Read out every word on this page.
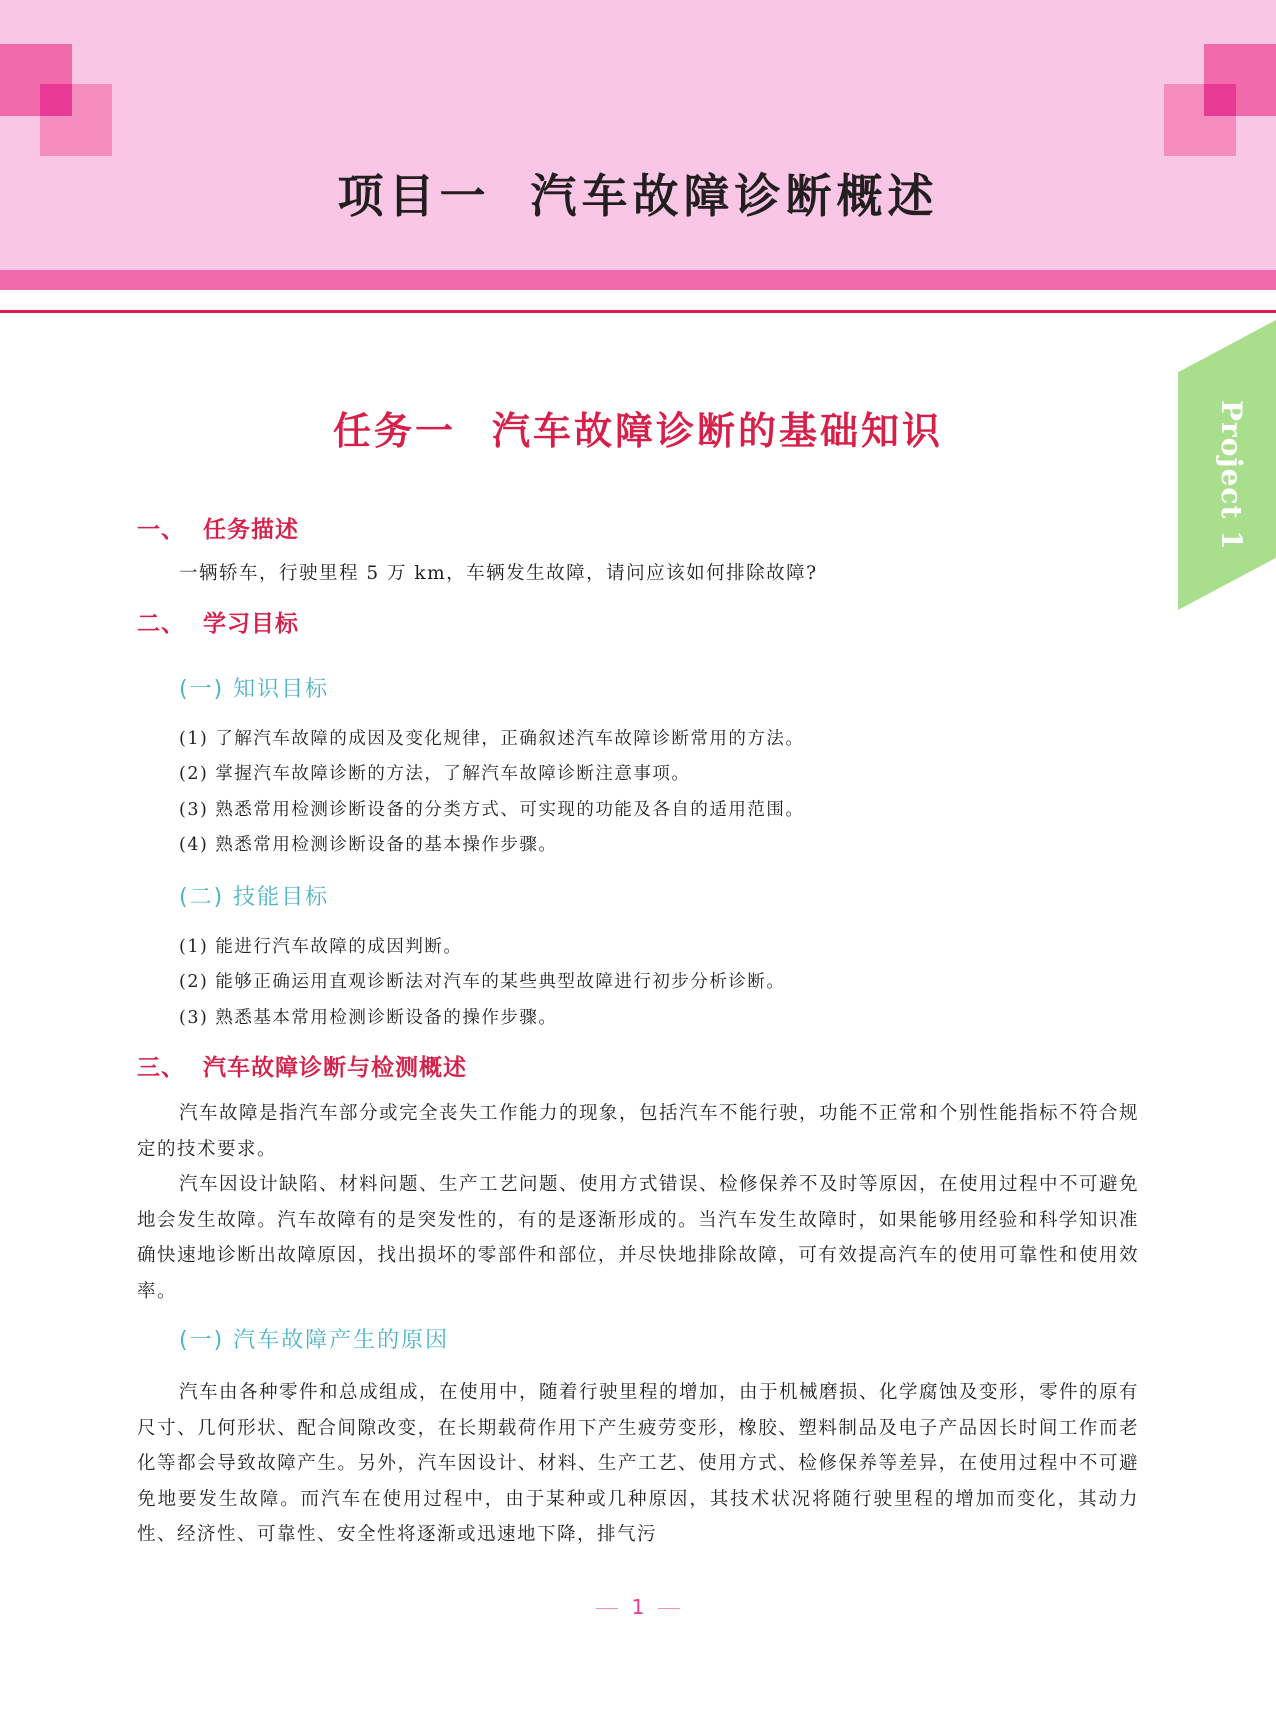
项目一 汽车故障诊断概述
Project 1
任务一 汽车故障诊断的基础知识
一、 任务描述

一辆轿车，行驶里程 5 万 km，车辆发生故障，请问应该如何排除故障?

二、 学习目标
(一) 知识目标

(1) 了解汽车故障的成因及变化规律，正确叙述汽车故障诊断常用的方法。

(2) 掌握汽车故障诊断的方法，了解汽车故障诊断注意事项。

(3) 熟悉常用检测诊断设备的分类方式、可实现的功能及各自的适用范围。

(4) 熟悉常用检测诊断设备的基本操作步骤。

(二) 技能目标

(1) 能进行汽车故障的成因判断。

(2) 能够正确运用直观诊断法对汽车的某些典型故障进行初步分析诊断。

(3) 熟悉基本常用检测诊断设备的操作步骤。

三、 汽车故障诊断与检测概述

汽车故障是指汽车部分或完全丧失工作能力的现象，包括汽车不能行驶，功能不正常和个别性能指标不符合规定的技术要求。

汽车因设计缺陷、材料问题、生产工艺问题、使用方式错误、检修保养不及时等原因，在使用过程中不可避免地会发生故障。汽车故障有的是突发性的，有的是逐渐形成的。当汽车发生故障时，如果能够用经验和科学知识准确快速地诊断出故障原因，找出损坏的零部件和部位，并尽快地排除故障，可有效提高汽车的使用可靠性和使用效率。

(一) 汽车故障产生的原因

汽车由各种零件和总成组成，在使用中，随着行驶里程的增加，由于机械磨损、化学腐蚀及变形，零件的原有尺寸、几何形状、配合间隙改变，在长期载荷作用下产生疲劳变形，橡胶、塑料制品及电子产品因长时间工作而老化等都会导致故障产生。另外，汽车因设计、材料、生产工艺、使用方式、检修保养等差异，在使用过程中不可避免地要发生故障。而汽车在使用过程中，由于某种或几种原因，其技术状况将随行驶里程的增加而变化，其动力性、经济性、可靠性、安全性将逐渐或迅速地下降，排气污

1
